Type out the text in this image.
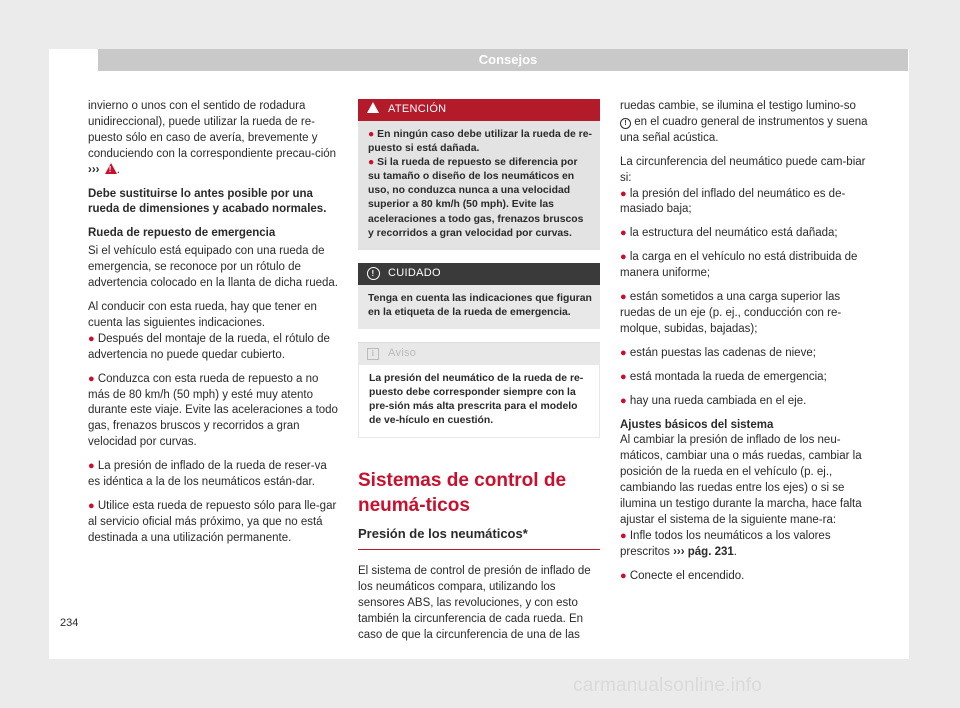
Consejos

invierno o unos con el sentido de rodadura unidireccional), puede utilizar la rueda de re-puesto sólo en caso de avería, brevemente y conduciendo con la correspondiente precau-ción ››› ! .

Debe sustituirse lo antes posible por una rueda de dimensiones y acabado normales.

Rueda de repuesto de emergencia

Si el vehículo está equipado con una rueda de emergencia, se reconoce por un rótulo de advertencia colocado en la llanta de dicha rueda.

Al conducir con esta rueda, hay que tener en cuenta las siguientes indicaciones.

● Después del montaje de la rueda, el rótulo de advertencia no puede quedar cubierto.

● Conduzca con esta rueda de repuesto a no más de 80 km/h (50 mph) y esté muy atento durante este viaje. Evite las aceleraciones a todo gas, frenazos bruscos y recorridos a gran velocidad por curvas.

● La presión de inflado de la rueda de reser-va es idéntica a la de los neumáticos están-dar.

● Utilice esta rueda de repuesto sólo para lle-gar al servicio oficial más próximo, ya que no está destinada a una utilización permanente.

ATENCIÓN

● En ningún caso debe utilizar la rueda de re-puesto si está dañada.

● Si la rueda de repuesto se diferencia por su tamaño o diseño de los neumáticos en uso, no conduzca nunca a una velocidad superior a 80 km/h (50 mph). Evite las aceleraciones a todo gas, frenazos bruscos y recorridos a gran velocidad por curvas.

!	CUIDADO

Tenga en cuenta las indicaciones que figuran en la etiqueta de la rueda de emergencia.

i	Aviso

La presión del neumático de la rueda de re-puesto debe corresponder siempre con la pre-sión más alta prescrita para el modelo de ve-hículo en cuestión.

Sistemas de control de neumá-ticos
Presión de los neumáticos*

El sistema de control de presión de inflado de los neumáticos compara, utilizando los sensores ABS, las revoluciones, y con esto también la circunferencia de cada rueda. En caso de que la circunferencia de una de las

ruedas cambie, se ilumina el testigo lumino-so ! en el cuadro general de instrumentos y suena una señal acústica.

La circunferencia del neumático puede cam-biar si:

● la presión del inflado del neumático es de-masiado baja;

● la estructura del neumático está dañada;

● la carga en el vehículo no está distribuida de manera uniforme;

● están sometidos a una carga superior las ruedas de un eje (p. ej., conducción con re-molque, subidas, bajadas);

● están puestas las cadenas de nieve;

● está montada la rueda de emergencia;

● hay una rueda cambiada en el eje.

Ajustes básicos del sistema

Al cambiar la presión de inflado de los neu-máticos, cambiar una o más ruedas, cambiar la posición de la rueda en el vehículo (p. ej., cambiando las ruedas entre los ejes) o si se ilumina un testigo durante la marcha, hace falta ajustar el sistema de la siguiente mane-ra:

● Infle todos los neumáticos a los valores prescritos ››› pág. 231.

● Conecte el encendido.

234
carmanualsonline.info
